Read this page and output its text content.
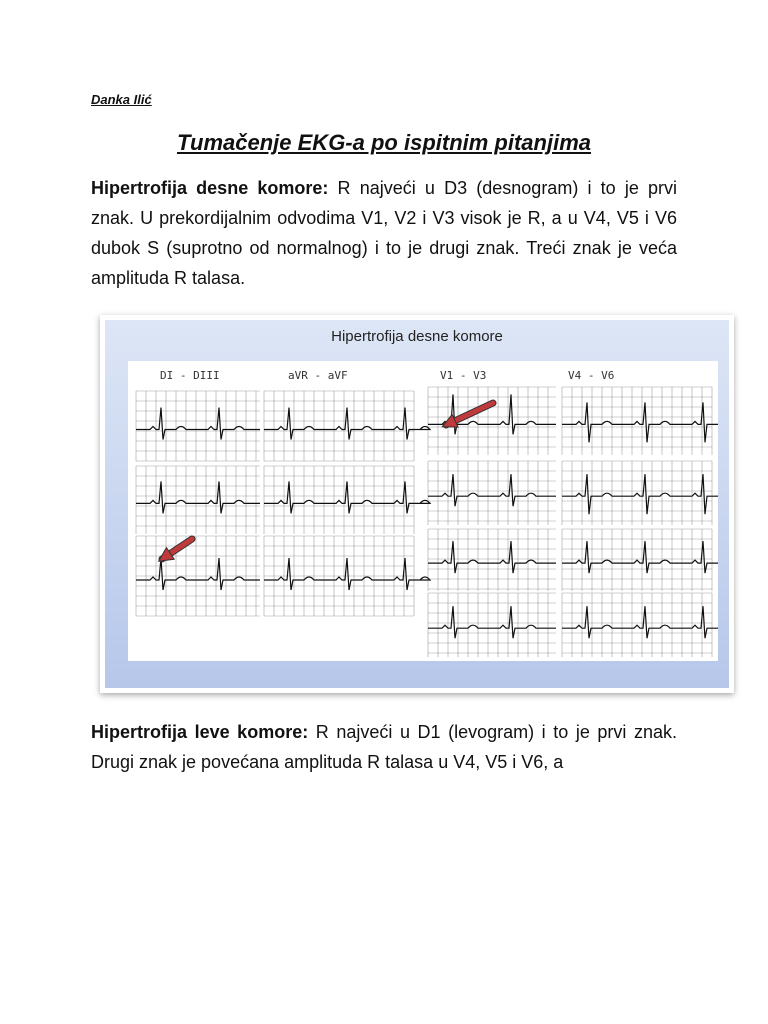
Danka Ilić
Tumačenje EKG-a po ispitnim pitanjima
Hipertrofija desne komore: R najveći u D3 (desnogram) i to je prvi znak. U prekordijalnim odvodima V1, V2 i V3 visok je R, a u V4, V5 i V6 dubok S (suprotno od normalnog) i to je drugi znak. Treći znak je veća amplituda R talasa.
Hipertrofija desne komore
DI - DIII	aVR - aVF	V1 - V3	V4 - V6
Hipertrofija leve komore: R najveći u D1 (levogram) i to je prvi znak. Drugi znak je povećana amplituda R talasa u V4, V5 i V6, a
